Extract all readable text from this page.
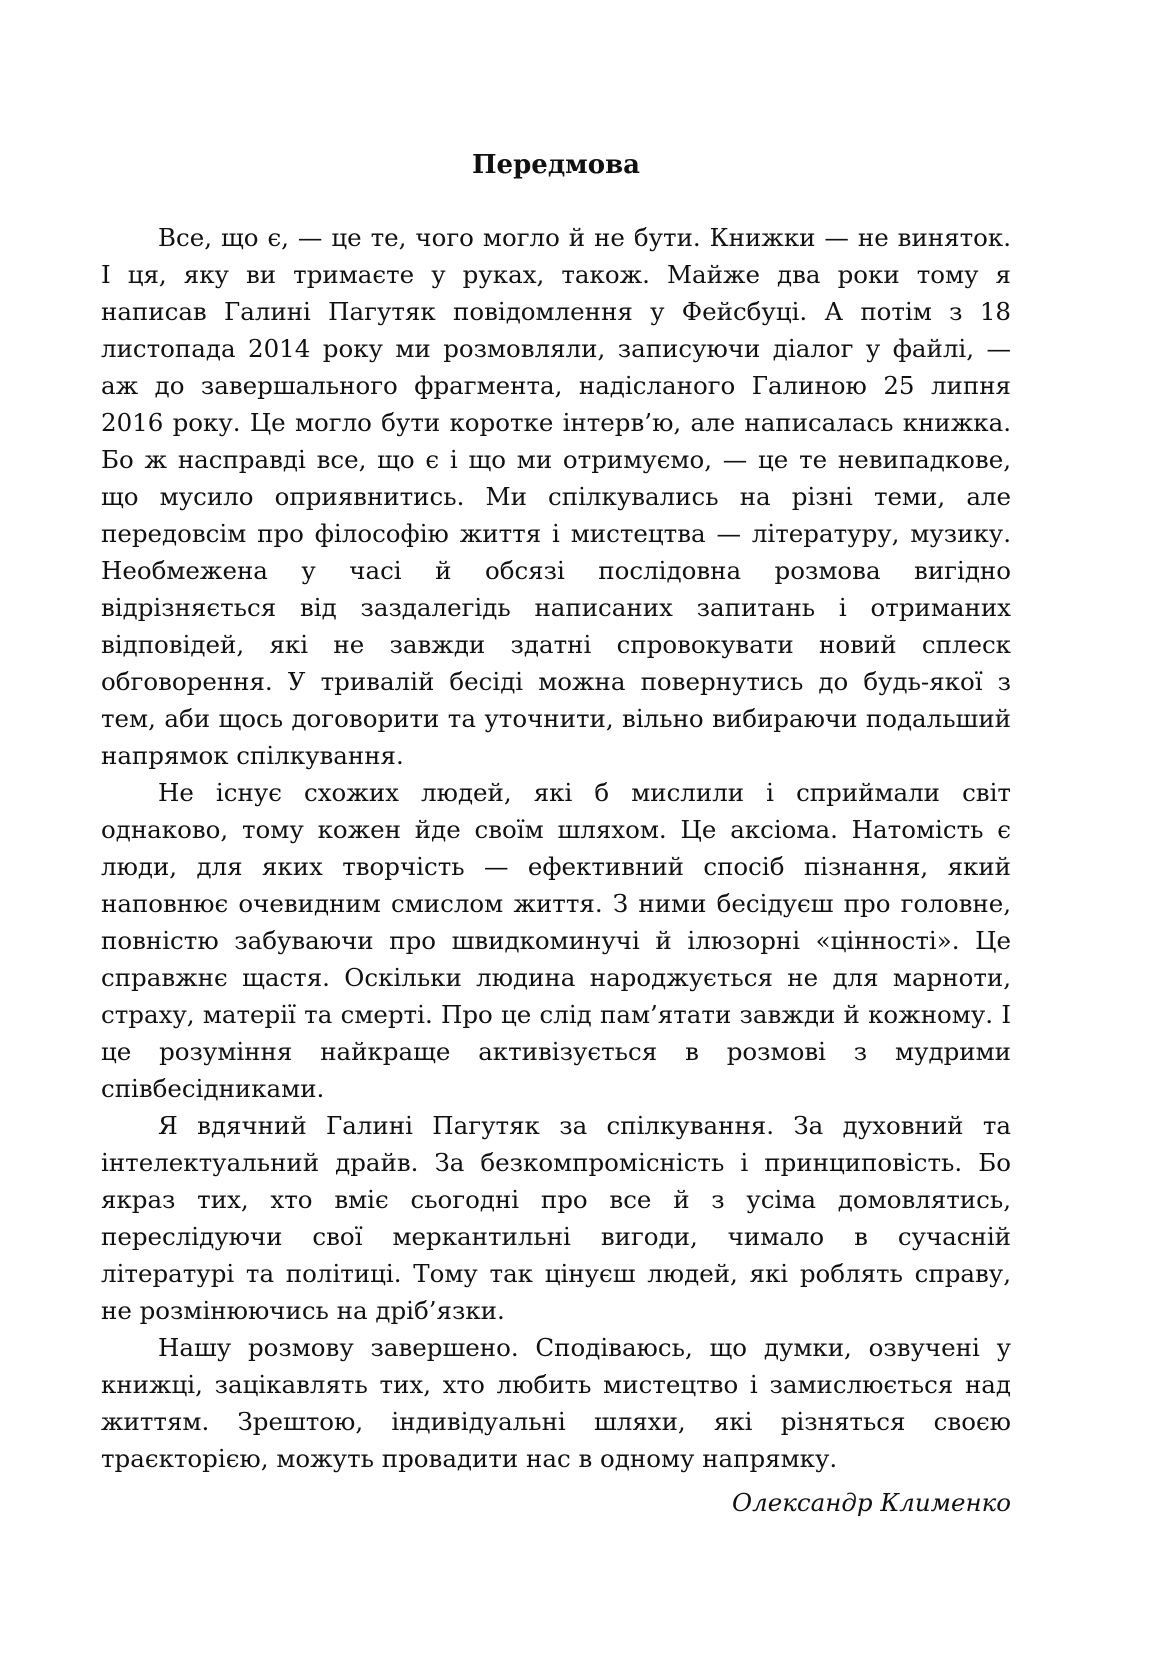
Передмова

Все, що є, — це те, чого могло й не бути. Книжки — не виняток. І ця, яку ви тримаєте у руках, також. Майже два роки тому я написав Галині Пагутяк повідомлення у Фейсбуці. А потім з 18 листопада 2014 року ми розмовляли, записуючи діалог у файлі, — аж до завершального фрагмента, надісланого Галиною 25 липня 2016 року. Це могло бути коротке інтерв’ю, але написалась книжка. Бо ж насправді все, що є і що ми отримуємо, — це те невипадкове, що мусило оприявнитись. Ми спілкувались на різні теми, але передовсім про філософію життя і мистецтва — літературу, музику. Необмежена у часі й обсязі послідовна розмова вигідно відрізняється від заздалегідь написаних запитань і отриманих відповідей, які не завжди здатні спровокувати новий сплеск обговорення. У тривалій бесіді можна повернутись до будь-якої з тем, аби щось договорити та уточнити, вільно вибираючи подальший напрямок спілкування.

Не існує схожих людей, які б мислили і сприймали світ однаково, тому кожен йде своїм шляхом. Це аксіома. Натомість є люди, для яких творчість — ефективний спосіб пізнання, який наповнює очевидним смислом життя. З ними бесідуєш про головне, повністю забуваючи про швидкоминучі й ілюзорні «цінності». Це справжнє щастя. Оскільки людина народжується не для марноти, страху, матерії та смерті. Про це слід пам’ятати завжди й кожному. І це розуміння найкраще активізується в розмові з мудрими співбесідниками.

Я вдячний Галині Пагутяк за спілкування. За духовний та інтелектуальний драйв. За безкомпромісність і принциповість. Бо якраз тих, хто вміє сьогодні про все й з усіма домовлятись, переслідуючи свої меркантильні вигоди, чимало в сучасній літературі та політиці. Тому так цінуєш людей, які роблять справу, не розмінюючись на дріб’язки.

Нашу розмову завершено. Сподіваюсь, що думки, озвучені у книжці, зацікавлять тих, хто любить мистецтво і замислюється над життям. Зрештою, індивідуальні шляхи, які різняться своєю траєкторією, можуть провадити нас в одному напрямку.

Олександр Клименко
